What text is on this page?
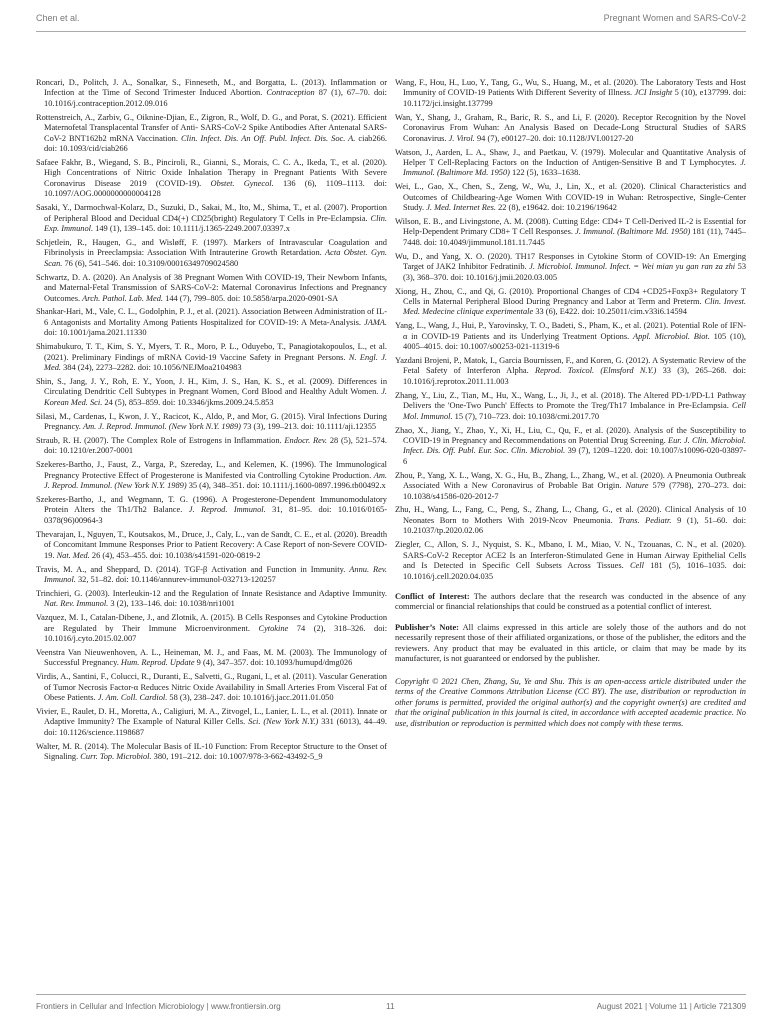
Chen et al.	Pregnant Women and SARS-CoV-2

Roncari, D., Politch, J. A., Sonalkar, S., Finneseth, M., and Borgatta, L. (2013). Inflammation or Infection at the Time of Second Trimester Induced Abortion. Contraception 87 (1), 67–70. doi: 10.1016/j.contraception.2012.09.016

Rottenstreich, A., Zarbiv, G., Oiknine-Djian, E., Zigron, R., Wolf, D. G., and Porat, S. (2021). Efficient Maternofetal Transplacental Transfer of Anti- SARS-CoV-2 Spike Antibodies After Antenatal SARS-CoV-2 BNT162b2 mRNA Vaccination. Clin. Infect. Dis. An Off. Publ. Infect. Dis. Soc. A. ciab266. doi: 10.1093/cid/ciab266

Safaee Fakhr, B., Wiegand, S. B., Pinciroli, R., Gianni, S., Morais, C. C. A., Ikeda, T., et al. (2020). High Concentrations of Nitric Oxide Inhalation Therapy in Pregnant Patients With Severe Coronavirus Disease 2019 (COVID-19). Obstet. Gynecol. 136 (6), 1109–1113. doi: 10.1097/AOG.0000000000004128

Sasaki, Y., Darmochwal-Kolarz, D., Suzuki, D., Sakai, M., Ito, M., Shima, T., et al. (2007). Proportion of Peripheral Blood and Decidual CD4(+) CD25(bright) Regulatory T Cells in Pre-Eclampsia. Clin. Exp. Immunol. 149 (1), 139–145. doi: 10.1111/j.1365-2249.2007.03397.x

Schjetlein, R., Haugen, G., and Wisløff, F. (1997). Markers of Intravascular Coagulation and Fibrinolysis in Preeclampsia: Association With Intrauterine Growth Retardation. Acta Obstet. Gyn. Scan. 76 (6), 541–546. doi: 10.3109/00016349709024580

Schwartz, D. A. (2020). An Analysis of 38 Pregnant Women With COVID-19, Their Newborn Infants, and Maternal-Fetal Transmission of SARS-CoV-2: Maternal Coronavirus Infections and Pregnancy Outcomes. Arch. Pathol. Lab. Med. 144 (7), 799–805. doi: 10.5858/arpa.2020-0901-SA

Shankar-Hari, M., Vale, C. L., Godolphin, P. J., et al. (2021). Association Between Administration of IL-6 Antagonists and Mortality Among Patients Hospitalized for COVID-19: A Meta-Analysis. JAMA. doi: 10.1001/jama.2021.11330

Shimabukuro, T. T., Kim, S. Y., Myers, T. R., Moro, P. L., Oduyebo, T., Panagiotakopoulos, L., et al. (2021). Preliminary Findings of mRNA Covid-19 Vaccine Safety in Pregnant Persons. N. Engl. J. Med. 384 (24), 2273–2282. doi: 10.1056/NEJMoa2104983

Shin, S., Jang, J. Y., Roh, E. Y., Yoon, J. H., Kim, J. S., Han, K. S., et al. (2009). Differences in Circulating Dendritic Cell Subtypes in Pregnant Women, Cord Blood and Healthy Adult Women. J. Korean Med. Sci. 24 (5), 853–859. doi: 10.3346/jkms.2009.24.5.853

Silasi, M., Cardenas, I., Kwon, J. Y., Racicot, K., Aldo, P., and Mor, G. (2015). Viral Infections During Pregnancy. Am. J. Reprod. Immunol. (New York N.Y. 1989) 73 (3), 199–213. doi: 10.1111/aji.12355

Straub, R. H. (2007). The Complex Role of Estrogens in Inflammation. Endocr. Rev. 28 (5), 521–574. doi: 10.1210/er.2007-0001

Szekeres-Bartho, J., Faust, Z., Varga, P., Szereday, L., and Kelemen, K. (1996). The Immunological Pregnancy Protective Effect of Progesterone is Manifested via Controlling Cytokine Production. Am. J. Reprod. Immunol. (New York N.Y. 1989) 35 (4), 348–351. doi: 10.1111/j.1600-0897.1996.tb00492.x

Szekeres-Bartho, J., and Wegmann, T. G. (1996). A Progesterone-Dependent Immunomodulatory Protein Alters the Th1/Th2 Balance. J. Reprod. Immunol. 31, 81–95. doi: 10.1016/0165-0378(96)00964-3

Thevarajan, I., Nguyen, T., Koutsakos, M., Druce, J., Caly, L., van de Sandt, C. E., et al. (2020). Breadth of Concomitant Immune Responses Prior to Patient Recovery: A Case Report of non-Severe COVID-19. Nat. Med. 26 (4), 453–455. doi: 10.1038/s41591-020-0819-2

Travis, M. A., and Sheppard, D. (2014). TGF-β Activation and Function in Immunity. Annu. Rev. Immunol. 32, 51–82. doi: 10.1146/annurev-immunol-032713-120257

Trinchieri, G. (2003). Interleukin-12 and the Regulation of Innate Resistance and Adaptive Immunity. Nat. Rev. Immunol. 3 (2), 133–146. doi: 10.1038/nri1001

Vazquez, M. I., Catalan-Dibene, J., and Zlotnik, A. (2015). B Cells Responses and Cytokine Production are Regulated by Their Immune Microenvironment. Cytokine 74 (2), 318–326. doi: 10.1016/j.cyto.2015.02.007

Veenstra Van Nieuwenhoven, A. L., Heineman, M. J., and Faas, M. M. (2003). The Immunology of Successful Pregnancy. Hum. Reprod. Update 9 (4), 347–357. doi: 10.1093/humupd/dmg026

Virdis, A., Santini, F., Colucci, R., Duranti, E., Salvetti, G., Rugani, I., et al. (2011). Vascular Generation of Tumor Necrosis Factor-α Reduces Nitric Oxide Availability in Small Arteries From Visceral Fat of Obese Patients. J. Am. Coll. Cardiol. 58 (3), 238–247. doi: 10.1016/j.jacc.2011.01.050

Vivier, E., Raulet, D. H., Moretta, A., Caligiuri, M. A., Zitvogel, L., Lanier, L. L., et al. (2011). Innate or Adaptive Immunity? The Example of Natural Killer Cells. Sci. (New York N.Y.) 331 (6013), 44–49. doi: 10.1126/science.1198687

Walter, M. R. (2014). The Molecular Basis of IL-10 Function: From Receptor Structure to the Onset of Signaling. Curr. Top. Microbiol. 380, 191–212. doi: 10.1007/978-3-662-43492-5_9

Wang, F., Hou, H., Luo, Y., Tang, G., Wu, S., Huang, M., et al. (2020). The Laboratory Tests and Host Immunity of COVID-19 Patients With Different Severity of Illness. JCI Insight 5 (10), e137799. doi: 10.1172/jci.insight.137799

Wan, Y., Shang, J., Graham, R., Baric, R. S., and Li, F. (2020). Receptor Recognition by the Novel Coronavirus From Wuhan: An Analysis Based on Decade-Long Structural Studies of SARS Coronavirus. J. Virol. 94 (7), e00127–20. doi: 10.1128/JVI.00127-20

Watson, J., Aarden, L. A., Shaw, J., and Paetkau, V. (1979). Molecular and Quantitative Analysis of Helper T Cell-Replacing Factors on the Induction of Antigen-Sensitive B and T Lymphocytes. J. Immunol. (Baltimore Md. 1950) 122 (5), 1633–1638.

Wei, L., Gao, X., Chen, S., Zeng, W., Wu, J., Lin, X., et al. (2020). Clinical Characteristics and Outcomes of Childbearing-Age Women With COVID-19 in Wuhan: Retrospective, Single-Center Study. J. Med. Internet Res. 22 (8), e19642. doi: 10.2196/19642

Wilson, E. B., and Livingstone, A. M. (2008). Cutting Edge: CD4+ T Cell-Derived IL-2 is Essential for Help-Dependent Primary CD8+ T Cell Responses. J. Immunol. (Baltimore Md. 1950) 181 (11), 7445–7448. doi: 10.4049/jimmunol.181.11.7445

Wu, D., and Yang, X. O. (2020). TH17 Responses in Cytokine Storm of COVID-19: An Emerging Target of JAK2 Inhibitor Fedratinib. J. Microbiol. Immunol. Infect. = Wei mian yu gan ran za zhi 53 (3), 368–370. doi: 10.1016/j.jmii.2020.03.005

Xiong, H., Zhou, C., and Qi, G. (2010). Proportional Changes of CD4 +CD25+Foxp3+ Regulatory T Cells in Maternal Peripheral Blood During Pregnancy and Labor at Term and Preterm. Clin. Invest. Med. Medecine clinique experimentale 33 (6), E422. doi: 10.25011/cim.v33i6.14594

Yang, L., Wang, J., Hui, P., Yarovinsky, T. O., Badeti, S., Pham, K., et al. (2021). Potential Role of IFN-α in COVID-19 Patients and its Underlying Treatment Options. Appl. Microbiol. Biot. 105 (10), 4005–4015. doi: 10.1007/s00253-021-11319-6

Yazdani Brojeni, P., Matok, I., Garcia Bournissen, F., and Koren, G. (2012). A Systematic Review of the Fetal Safety of Interferon Alpha. Reprod. Toxicol. (Elmsford N.Y.) 33 (3), 265–268. doi: 10.1016/j.reprotox.2011.11.003

Zhang, Y., Liu, Z., Tian, M., Hu, X., Wang, L., Ji, J., et al. (2018). The Altered PD-1/PD-L1 Pathway Delivers the 'One-Two Punch' Effects to Promote the Treg/Th17 Imbalance in Pre-Eclampsia. Cell Mol. Immunol. 15 (7), 710–723. doi: 10.1038/cmi.2017.70

Zhao, X., Jiang, Y., Zhao, Y., Xi, H., Liu, C., Qu, F., et al. (2020). Analysis of the Susceptibility to COVID-19 in Pregnancy and Recommendations on Potential Drug Screening. Eur. J. Clin. Microbiol. Infect. Dis. Off. Publ. Eur. Soc. Clin. Microbiol. 39 (7), 1209–1220. doi: 10.1007/s10096-020-03897-6

Zhou, P., Yang, X. L., Wang, X. G., Hu, B., Zhang, L., Zhang, W., et al. (2020). A Pneumonia Outbreak Associated With a New Coronavirus of Probable Bat Origin. Nature 579 (7798), 270–273. doi: 10.1038/s41586-020-2012-7

Zhu, H., Wang, L., Fang, C., Peng, S., Zhang, L., Chang, G., et al. (2020). Clinical Analysis of 10 Neonates Born to Mothers With 2019-Ncov Pneumonia. Trans. Pediatr. 9 (1), 51–60. doi: 10.21037/tp.2020.02.06

Ziegler, C., Allon, S. J., Nyquist, S. K., Mbano, I. M., Miao, V. N., Tzouanas, C. N., et al. (2020). SARS-CoV-2 Receptor ACE2 Is an Interferon-Stimulated Gene in Human Airway Epithelial Cells and Is Detected in Specific Cell Subsets Across Tissues. Cell 181 (5), 1016–1035. doi: 10.1016/j.cell.2020.04.035

Conflict of Interest: The authors declare that the research was conducted in the absence of any commercial or financial relationships that could be construed as a potential conflict of interest.

Publisher’s Note: All claims expressed in this article are solely those of the authors and do not necessarily represent those of their affiliated organizations, or those of the publisher, the editors and the reviewers. Any product that may be evaluated in this article, or claim that may be made by its manufacturer, is not guaranteed or endorsed by the publisher.

Copyright © 2021 Chen, Zhang, Su, Ye and Shu. This is an open-access article distributed under the terms of the Creative Commons Attribution License (CC BY). The use, distribution or reproduction in other forums is permitted, provided the original author(s) and the copyright owner(s) are credited and that the original publication in this journal is cited, in accordance with accepted academic practice. No use, distribution or reproduction is permitted which does not comply with these terms.

Frontiers in Cellular and Infection Microbiology | www.frontiersin.org	11	August 2021 | Volume 11 | Article 721309
